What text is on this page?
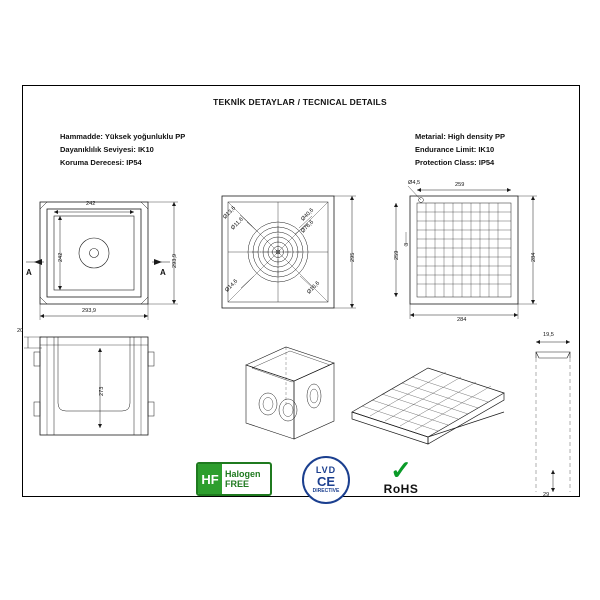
TEKNİK DETAYLAR / TECNICAL DETAILS
Hammadde: Yüksek yoğunluklu PP
Dayanıklılık Seviyesi: IK10
Koruma Derecesi: IP54
Metarial: High density PP
Endurance Limit: IK10
Protection Class: IP54
242
242	293,9
293,9
A	A
273
20
295
Ø13,6
Ø11,6
Ø14,6
Ø40,6
Ø76,6
Ø16,6
259
284
259	284
Ø4,5
3
19,5
29
HF Halogen
FREE
LVD
CE
DIRECTIVE
✓
RoHS
